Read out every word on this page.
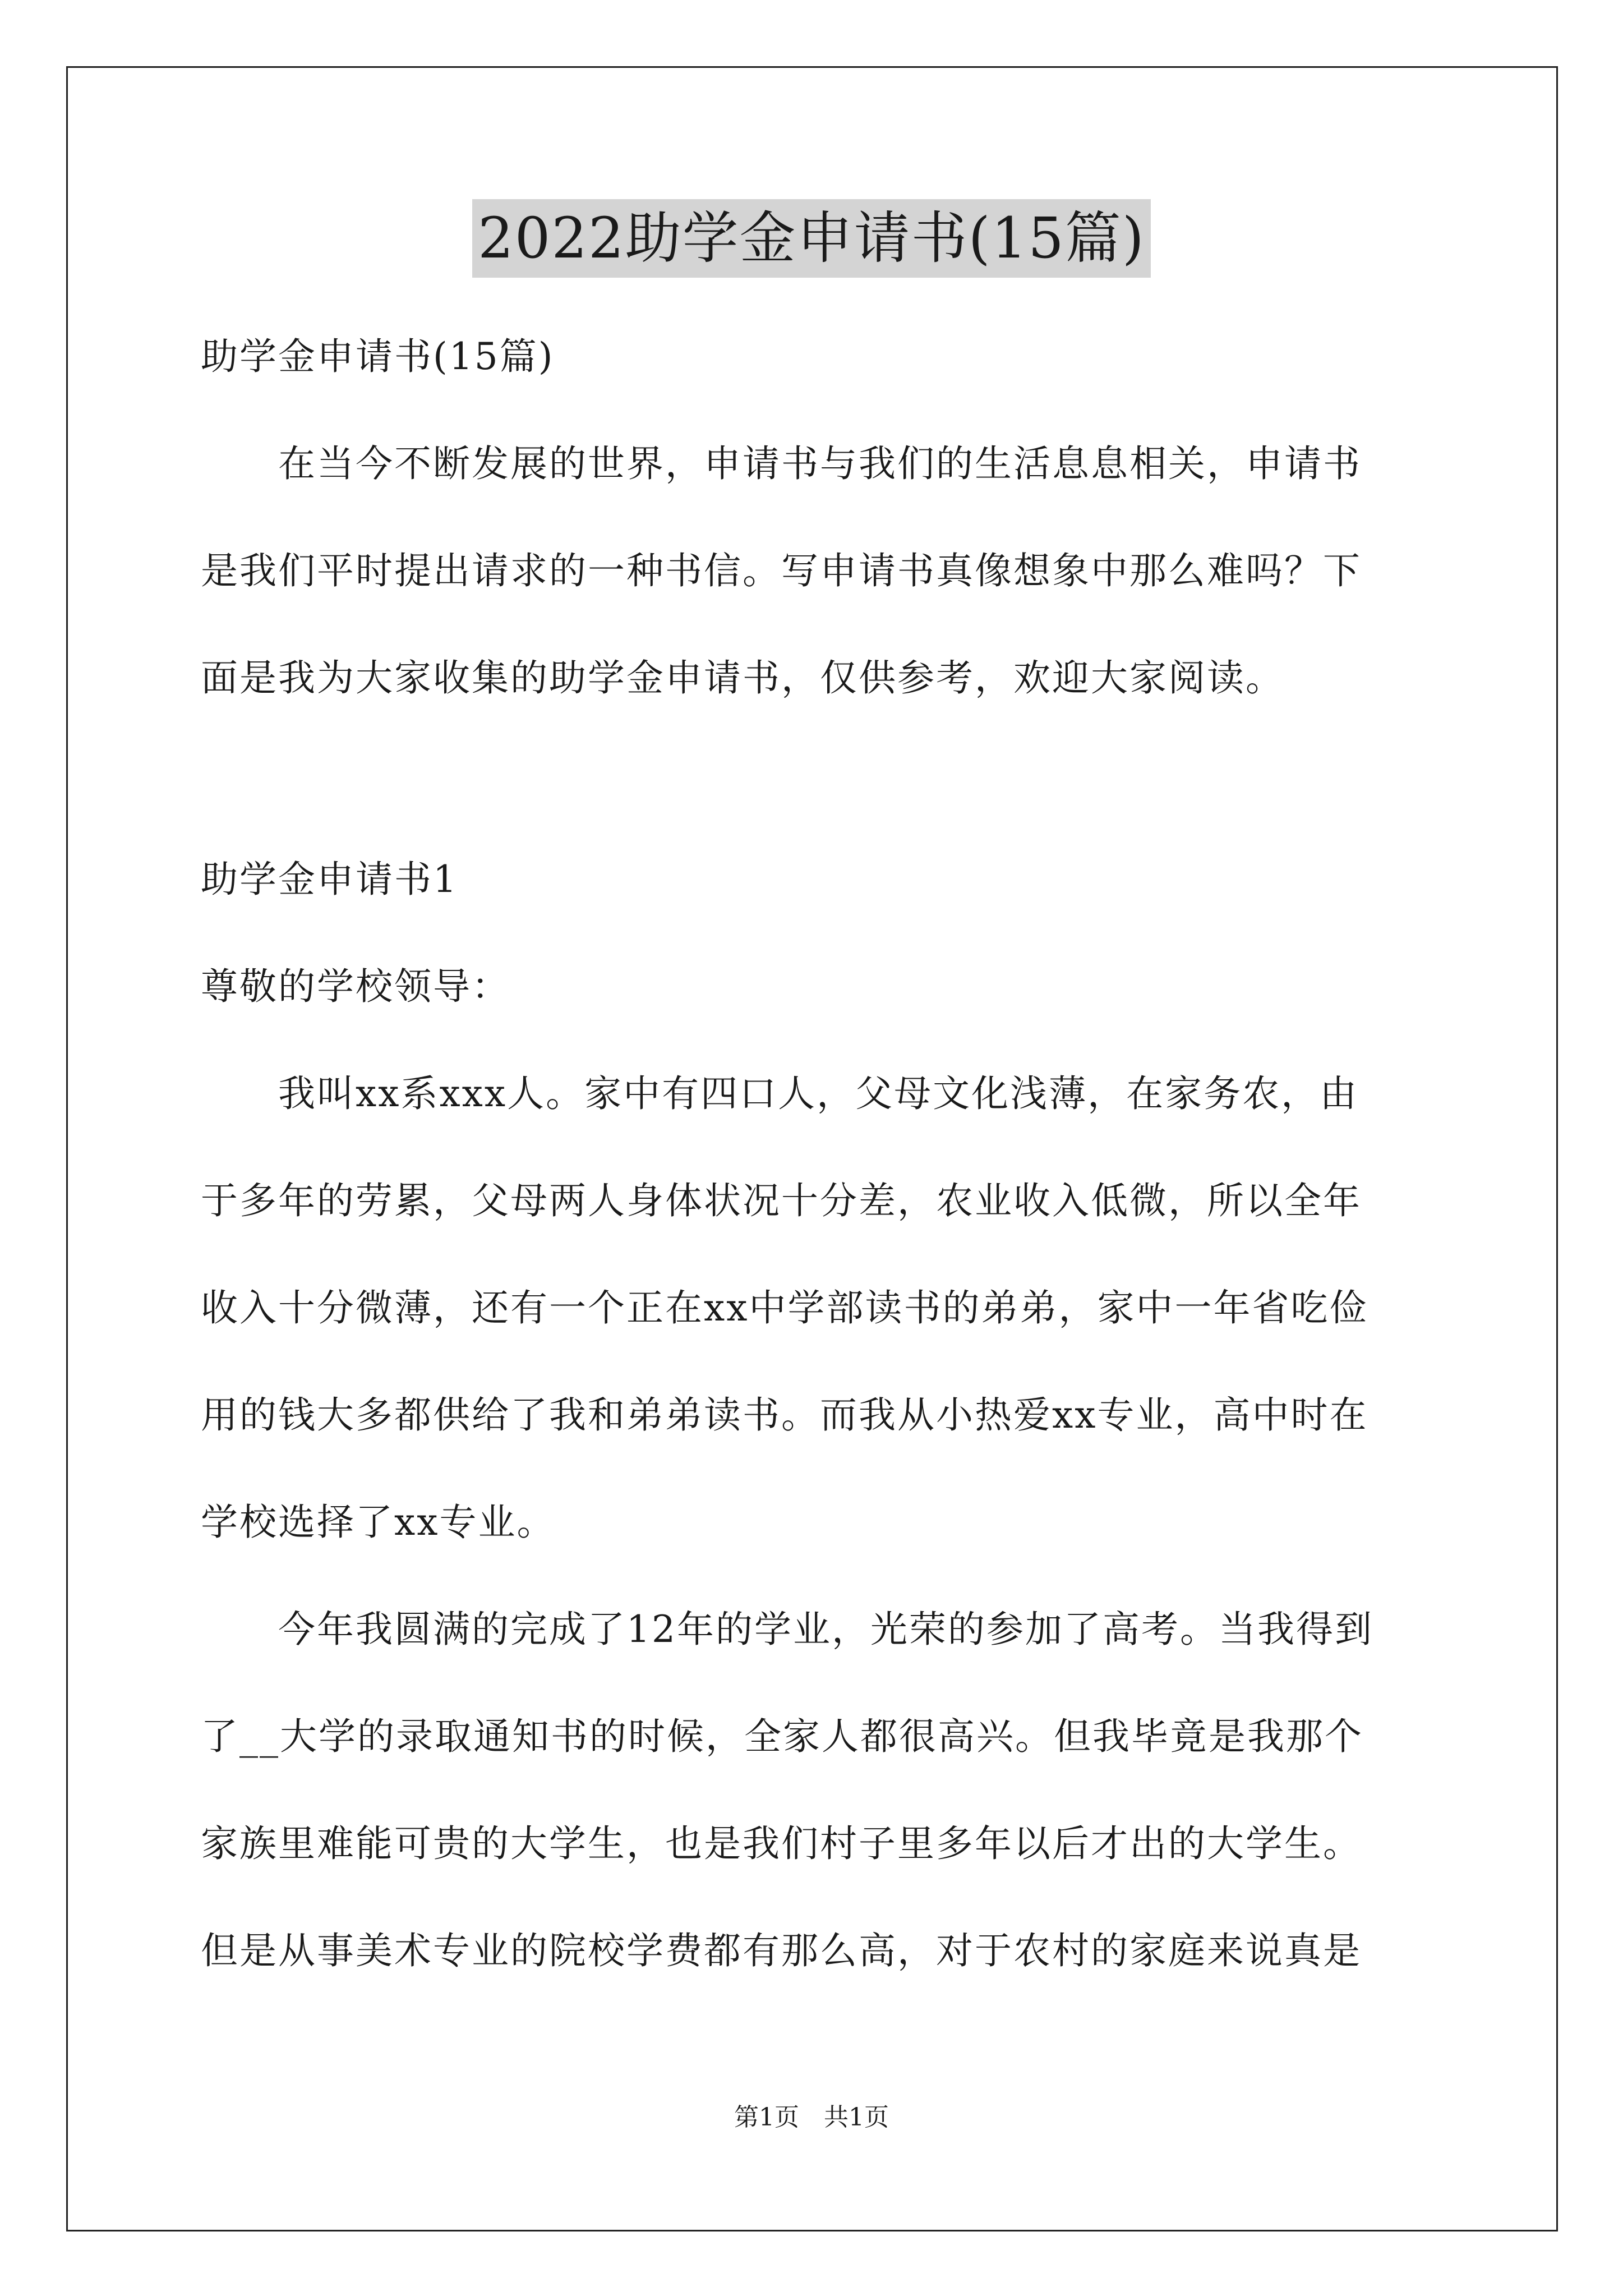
2022助学金申请书(15篇)

助学金申请书(15篇)

　　在当今不断发展的世界，申请书与我们的生活息息相关，申请书

是我们平时提出请求的一种书信。写申请书真像想象中那么难吗？下

面是我为大家收集的助学金申请书，仅供参考，欢迎大家阅读。

助学金申请书1

尊敬的学校领导：

　　我叫xx系xxx人。家中有四口人，父母文化浅薄，在家务农，由

于多年的劳累，父母两人身体状况十分差，农业收入低微，所以全年

收入十分微薄，还有一个正在xx中学部读书的弟弟，家中一年省吃俭

用的钱大多都供给了我和弟弟读书。而我从小热爱xx专业，高中时在

学校选择了xx专业。

　　今年我圆满的完成了12年的学业，光荣的参加了高考。当我得到

了__大学的录取通知书的时候，全家人都很高兴。但我毕竟是我那个

家族里难能可贵的大学生，也是我们村子里多年以后才出的大学生。

但是从事美术专业的院校学费都有那么高，对于农村的家庭来说真是

第1页　共1页
